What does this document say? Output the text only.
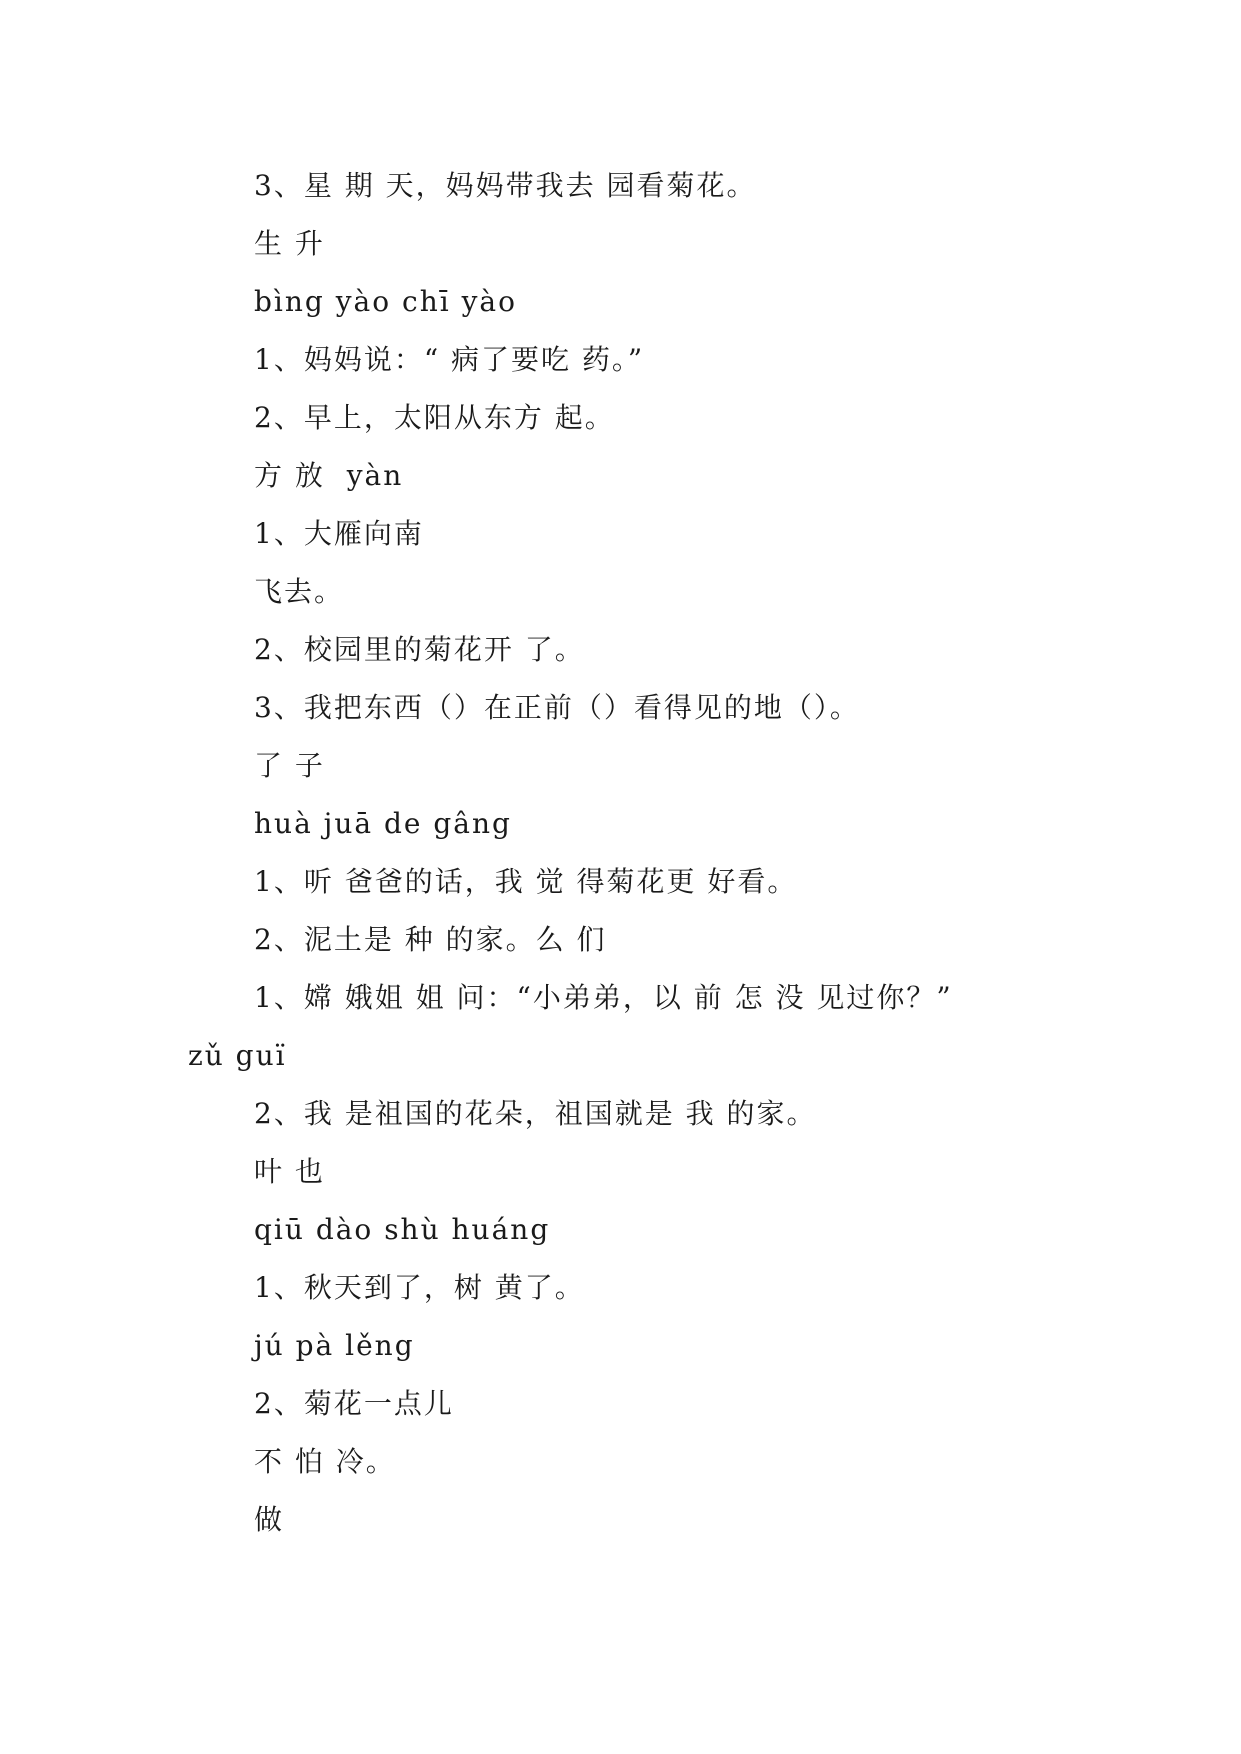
3、星 期 天，妈妈带我去 园看菊花。
生 升
bìng yào chī yào
1、妈妈说：“ 病了要吃 药。”
2、早上，太阳从东方 起。
方 放  yàn
1、大雁向南
飞去。
2、校园里的菊花开 了。
3、我把东西（）在正前（）看得见的地（）。
了 子
huà juā de gâng
1、听 爸爸的话，我 觉 得菊花更 好看。
2、泥土是 种 的家。么 们
1、嫦 娥姐 姐 问：“小弟弟，以 前 怎 没 见过你？”
zǔ guï
2、我 是祖国的花朵，祖国就是 我 的家。
叶 也
qiū dào shù huáng
1、秋天到了，树 黄了。
jú pà lěng
2、菊花一点儿
不 怕 冷。
做
